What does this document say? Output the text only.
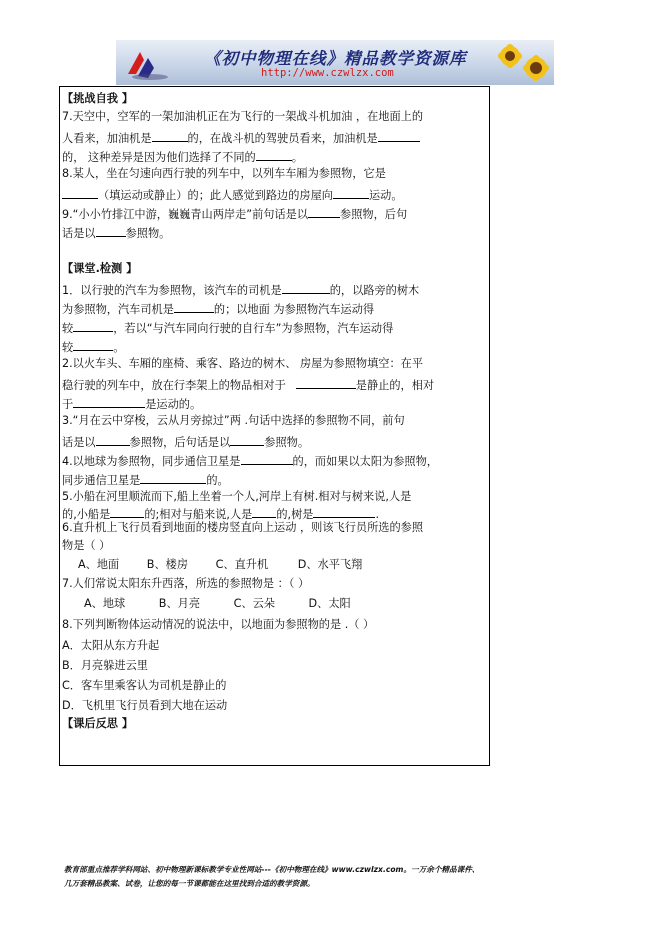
《初中物理在线》精品教学资源库
http://www.czwlzx.com
【挑战自我 】
7.天空中，空军的一架加油机正在为飞行的一架战斗机加油 ，在地面上的
人看来，加油机是	的，在战斗机的驾驶员看来，加油机是
的， 这种差异是因为他们选择了不同的	。
8.某人，坐在匀速向西行驶的列车中，以列车车厢为参照物，它是
（填运动或静止）的；此人感觉到路边的房屋向	运动。
9.“小小竹排江中游，巍巍青山两岸走”前句话是以	参照物，后句
话是以	参照物。
【课堂.检测 】
1．以行驶的汽车为参照物，该汽车的司机是	的，以路旁的树木
为参照物，汽车司机是	的；以地面 为参照物汽车运动得
较	，若以“与汽车同向行驶的自行车”为参照物，汽车运动得
较	。
2.以火车头、车厢的座椅、乘客、路边的树木、 房屋为参照物填空：在平
稳行驶的列车中，放在行李架上的物品相对于	是静止的，相对
于	是运动的。
3.“月在云中穿梭，云从月旁掠过”两 .句话中选择的参照物不同，前句
话是以	参照物，后句话是以	参照物。
4.以地球为参照物，同步通信卫星是	的，而如果以太阳为参照物，
同步通信卫星是	的。
5.小船在河里顺流而下,船上坐着一个人,河岸上有树.相对与树来说,人是
的,小船是	的;相对与船来说,人是 的,树是	.
6.直升机上飞行员看到地面的楼房竖直向上运动 ，则该飞行员所选的参照
物是（ ）
A、地面 B、楼房 C、直升机	D、水平飞翔
7.人们常说太阳东升西落，所选的参照物是 ：（ ）
A、地球	B、月亮	C、云朵	D、太阳
8.下列判断物体运动情况的说法中，以地面为参照物的是 .（ ）
A．太阳从东方升起
B．月亮躲进云里
C．客车里乘客认为司机是静止的
D．飞机里飞行员看到大地在运动
【课后反思 】
教育部重点推荐学科网站、初中物理新课标教学专业性网站---《初中物理在线》www.czwlzx.com。一万余个精品课件、
几万套精品教案、试卷，让您的每一节课都能在这里找到合适的教学资源。
